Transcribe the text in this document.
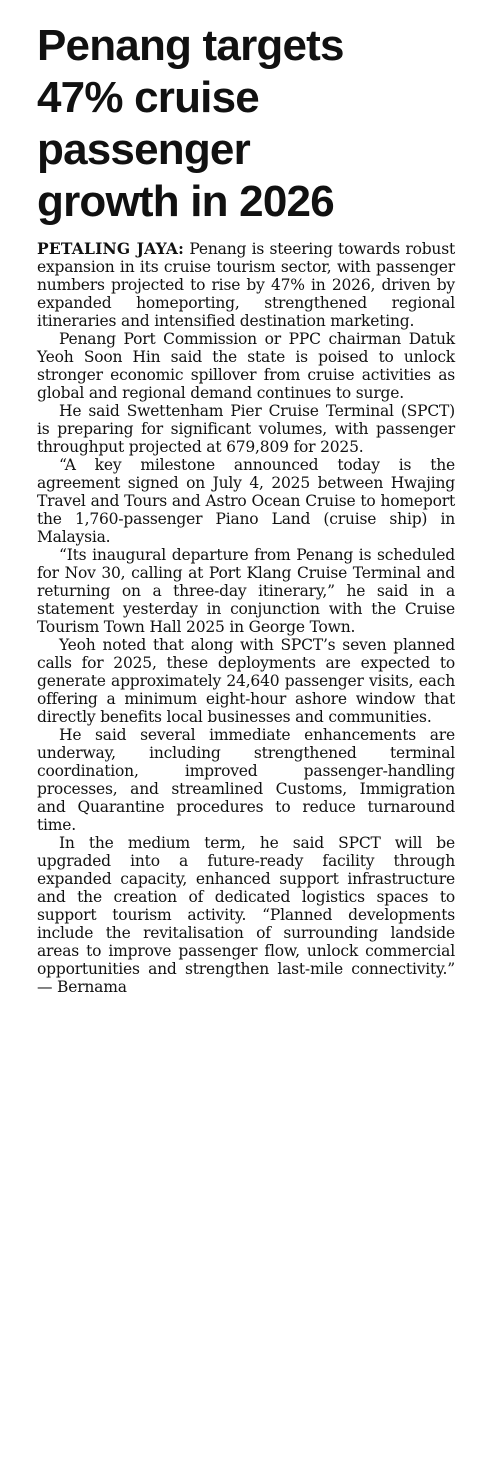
Penang targets
47% cruise
passenger
growth in 2026

PETALING JAYA: Penang is steering towards robust expansion in its cruise tourism sector, with passenger numbers projected to rise by 47% in 2026, driven by expanded homeporting, strengthened regional itineraries and intensified destination marketing.

Penang Port Commission or PPC chairman Datuk Yeoh Soon Hin said the state is poised to unlock stronger economic spillover from cruise activities as global and regional demand continues to surge.

He said Swettenham Pier Cruise Terminal (SPCT) is preparing for significant volumes, with passenger throughput projected at 679,809 for 2025.

“A key milestone announced today is the agreement signed on July 4, 2025 between Hwajing Travel and Tours and Astro Ocean Cruise to homeport the 1,760-passenger Piano Land (cruise ship) in Malaysia.

“Its inaugural departure from Penang is scheduled for Nov 30, calling at Port Klang Cruise Terminal and returning on a three-day itinerary,” he said in a statement yesterday in conjunction with the Cruise Tourism Town Hall 2025 in George Town.

Yeoh noted that along with SPCT’s seven planned calls for 2025, these deployments are expected to generate approximately 24,640 passenger visits, each offering a minimum eight-hour ashore window that directly benefits local businesses and communities.

He said several immediate enhancements are underway, including strengthened terminal coordination, improved passenger-handling processes, and streamlined Customs, Immigration and Quarantine procedures to reduce turnaround time.

In the medium term, he said SPCT will be upgraded into a future-ready facility through expanded capacity, enhanced support infrastructure and the creation of dedicated logistics spaces to support tourism activity. “Planned developments include the revitalisation of surrounding landside areas to improve passenger flow, unlock commercial opportunities and strengthen last-mile connectivity.” — Bernama
